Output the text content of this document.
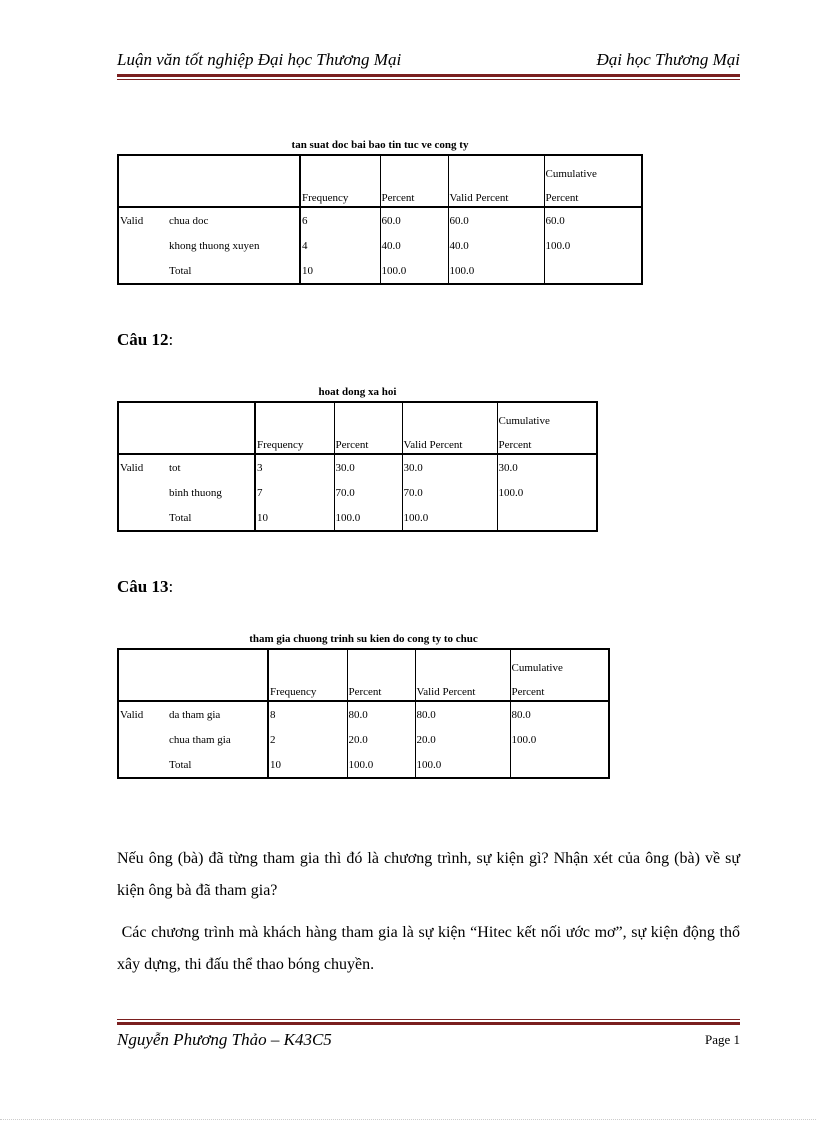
Luận văn tốt nghiệp Đại học Thương Mại	Đại học Thương Mại
tan suat doc bai bao tin tuc ve cong ty
		Frequency	Percent	Valid Percent	Cumulative

Percent
Valid	chua doc	6	60.0	60.0	60.0
	khong thuong xuyen	4	40.0	40.0	100.0
	Total	10	100.0	100.0	
Câu 12:
hoat dong xa hoi
		Frequency	Percent	Valid Percent	Cumulative

Percent
Valid	tot	3	30.0	30.0	30.0
	binh thuong	7	70.0	70.0	100.0
	Total	10	100.0	100.0	
Câu 13:
tham gia chuong trinh su kien do cong ty to chuc
		Frequency	Percent	Valid Percent	Cumulative

Percent
Valid	da tham gia	8	80.0	80.0	80.0
	chua tham gia	2	20.0	20.0	100.0
	Total	10	100.0	100.0	
Nếu ông (bà) đã từng tham gia thì đó là chương trình, sự kiện gì? Nhận xét của ông (bà) về sự kiện ông bà đã tham gia?
Các chương trình mà khách hàng tham gia là sự kiện “Hitec kết nối ước mơ”, sự kiện động thổ xây dựng, thi đấu thể thao bóng chuyền.
Nguyễn Phương Thảo – K43C5	Page 1
